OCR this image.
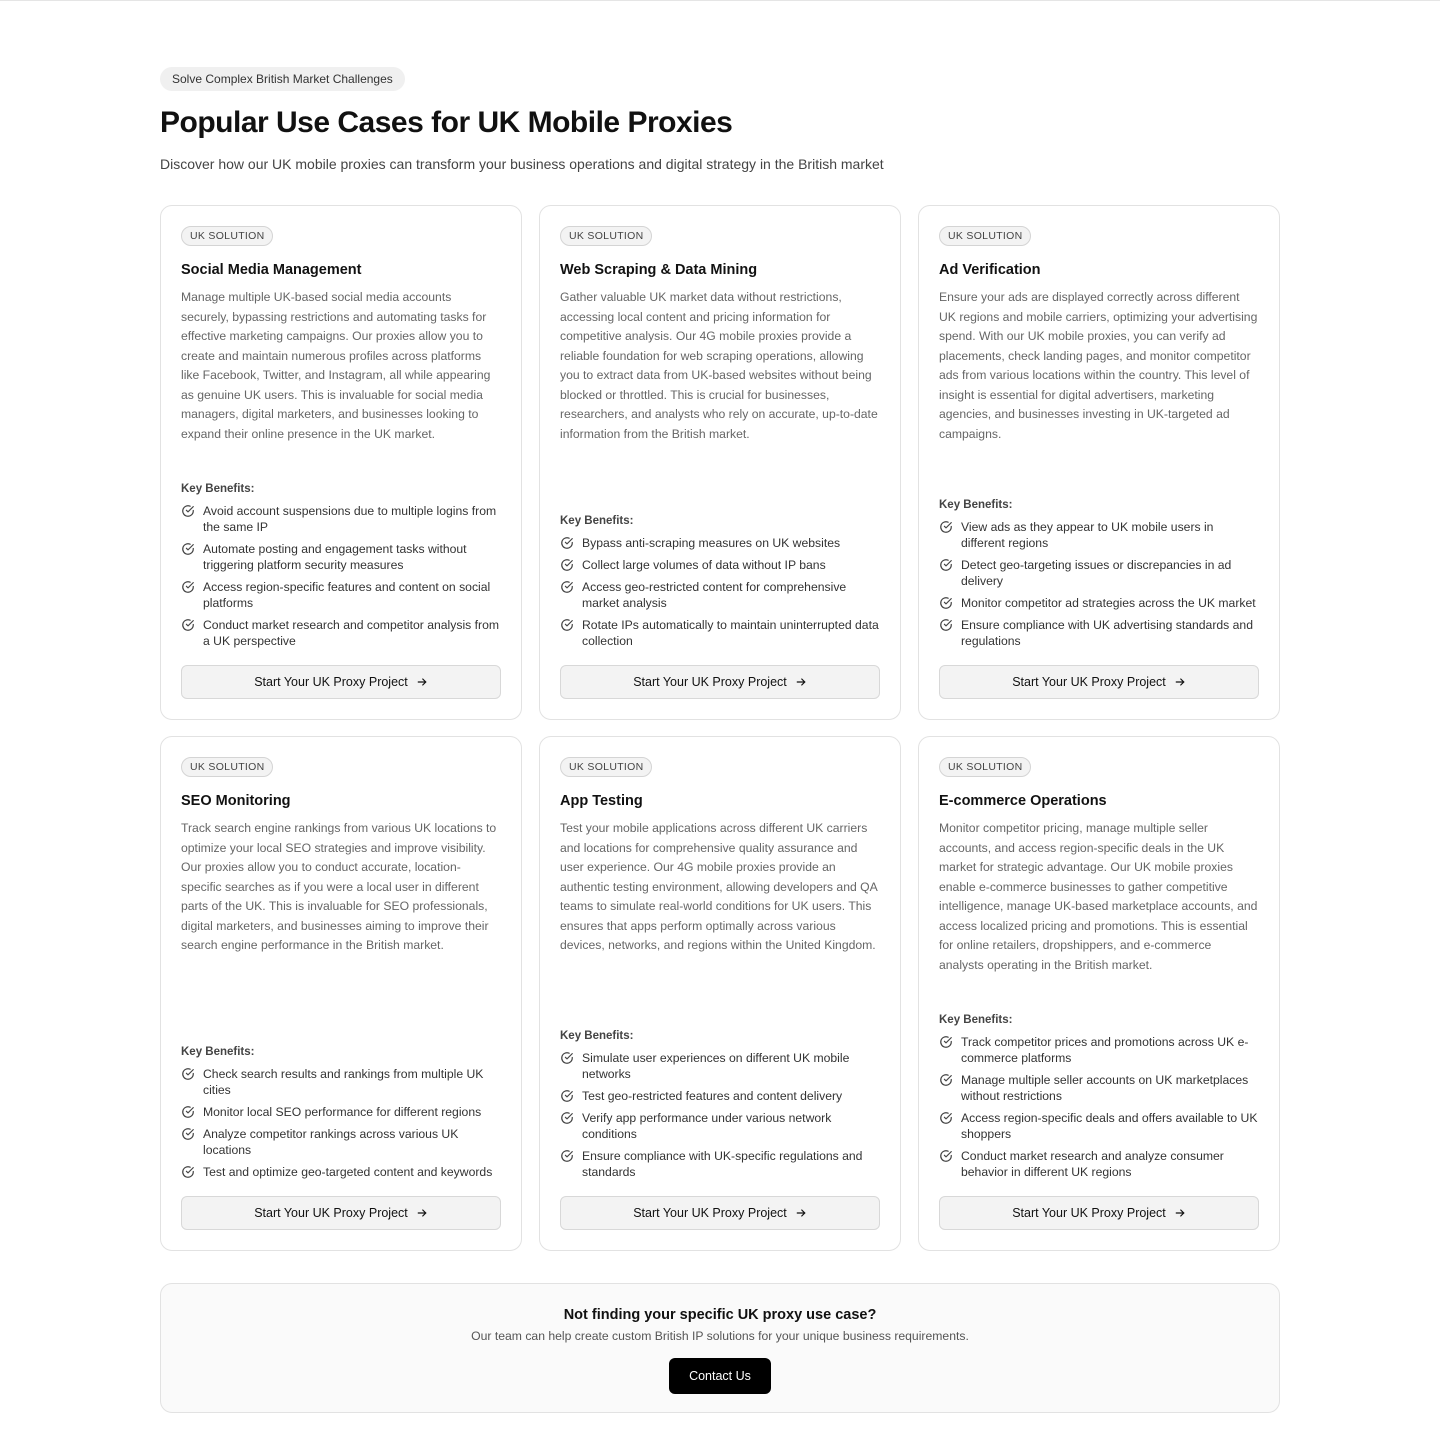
Solve Complex British Market Challenges
Popular Use Cases for UK Mobile Proxies

Discover how our UK mobile proxies can transform your business operations and digital strategy in the British market

UK SOLUTION
Social Media Management

Manage multiple UK-based social media accounts securely, bypassing restrictions and automating tasks for effective marketing campaigns. Our proxies allow you to create and maintain numerous profiles across platforms like Facebook, Twitter, and Instagram, all while appearing as genuine UK users. This is invaluable for social media managers, digital marketers, and businesses looking to expand their online presence in the UK market.

Key Benefits:
Avoid account suspensions due to multiple logins from the same IP
Automate posting and engagement tasks without triggering platform security measures
Access region-specific features and content on social platforms
Conduct market research and competitor analysis from a UK perspective
Start Your UK Proxy Project
UK SOLUTION
Web Scraping & Data Mining

Gather valuable UK market data without restrictions, accessing local content and pricing information for competitive analysis. Our 4G mobile proxies provide a reliable foundation for web scraping operations, allowing you to extract data from UK-based websites without being blocked or throttled. This is crucial for businesses, researchers, and analysts who rely on accurate, up-to-date information from the British market.

Key Benefits:
Bypass anti-scraping measures on UK websites
Collect large volumes of data without IP bans
Access geo-restricted content for comprehensive market analysis
Rotate IPs automatically to maintain uninterrupted data collection
Start Your UK Proxy Project
UK SOLUTION
Ad Verification

Ensure your ads are displayed correctly across different UK regions and mobile carriers, optimizing your advertising spend. With our UK mobile proxies, you can verify ad placements, check landing pages, and monitor competitor ads from various locations within the country. This level of insight is essential for digital advertisers, marketing agencies, and businesses investing in UK-targeted ad campaigns.

Key Benefits:
View ads as they appear to UK mobile users in different regions
Detect geo-targeting issues or discrepancies in ad delivery
Monitor competitor ad strategies across the UK market
Ensure compliance with UK advertising standards and regulations
Start Your UK Proxy Project
UK SOLUTION
SEO Monitoring

Track search engine rankings from various UK locations to optimize your local SEO strategies and improve visibility. Our proxies allow you to conduct accurate, location-specific searches as if you were a local user in different parts of the UK. This is invaluable for SEO professionals, digital marketers, and businesses aiming to improve their search engine performance in the British market.

Key Benefits:
Check search results and rankings from multiple UK cities
Monitor local SEO performance for different regions
Analyze competitor rankings across various UK locations
Test and optimize geo-targeted content and keywords
Start Your UK Proxy Project
UK SOLUTION
App Testing

Test your mobile applications across different UK carriers and locations for comprehensive quality assurance and user experience. Our 4G mobile proxies provide an authentic testing environment, allowing developers and QA teams to simulate real-world conditions for UK users. This ensures that apps perform optimally across various devices, networks, and regions within the United Kingdom.

Key Benefits:
Simulate user experiences on different UK mobile networks
Test geo-restricted features and content delivery
Verify app performance under various network conditions
Ensure compliance with UK-specific regulations and standards
Start Your UK Proxy Project
UK SOLUTION
E-commerce Operations

Monitor competitor pricing, manage multiple seller accounts, and access region-specific deals in the UK market for strategic advantage. Our UK mobile proxies enable e-commerce businesses to gather competitive intelligence, manage UK-based marketplace accounts, and access localized pricing and promotions. This is essential for online retailers, dropshippers, and e-commerce analysts operating in the British market.

Key Benefits:
Track competitor prices and promotions across UK e-commerce platforms
Manage multiple seller accounts on UK marketplaces without restrictions
Access region-specific deals and offers available to UK shoppers
Conduct market research and analyze consumer behavior in different UK regions
Start Your UK Proxy Project
Not finding your specific UK proxy use case?
Our team can help create custom British IP solutions for your unique business requirements.
Contact Us
